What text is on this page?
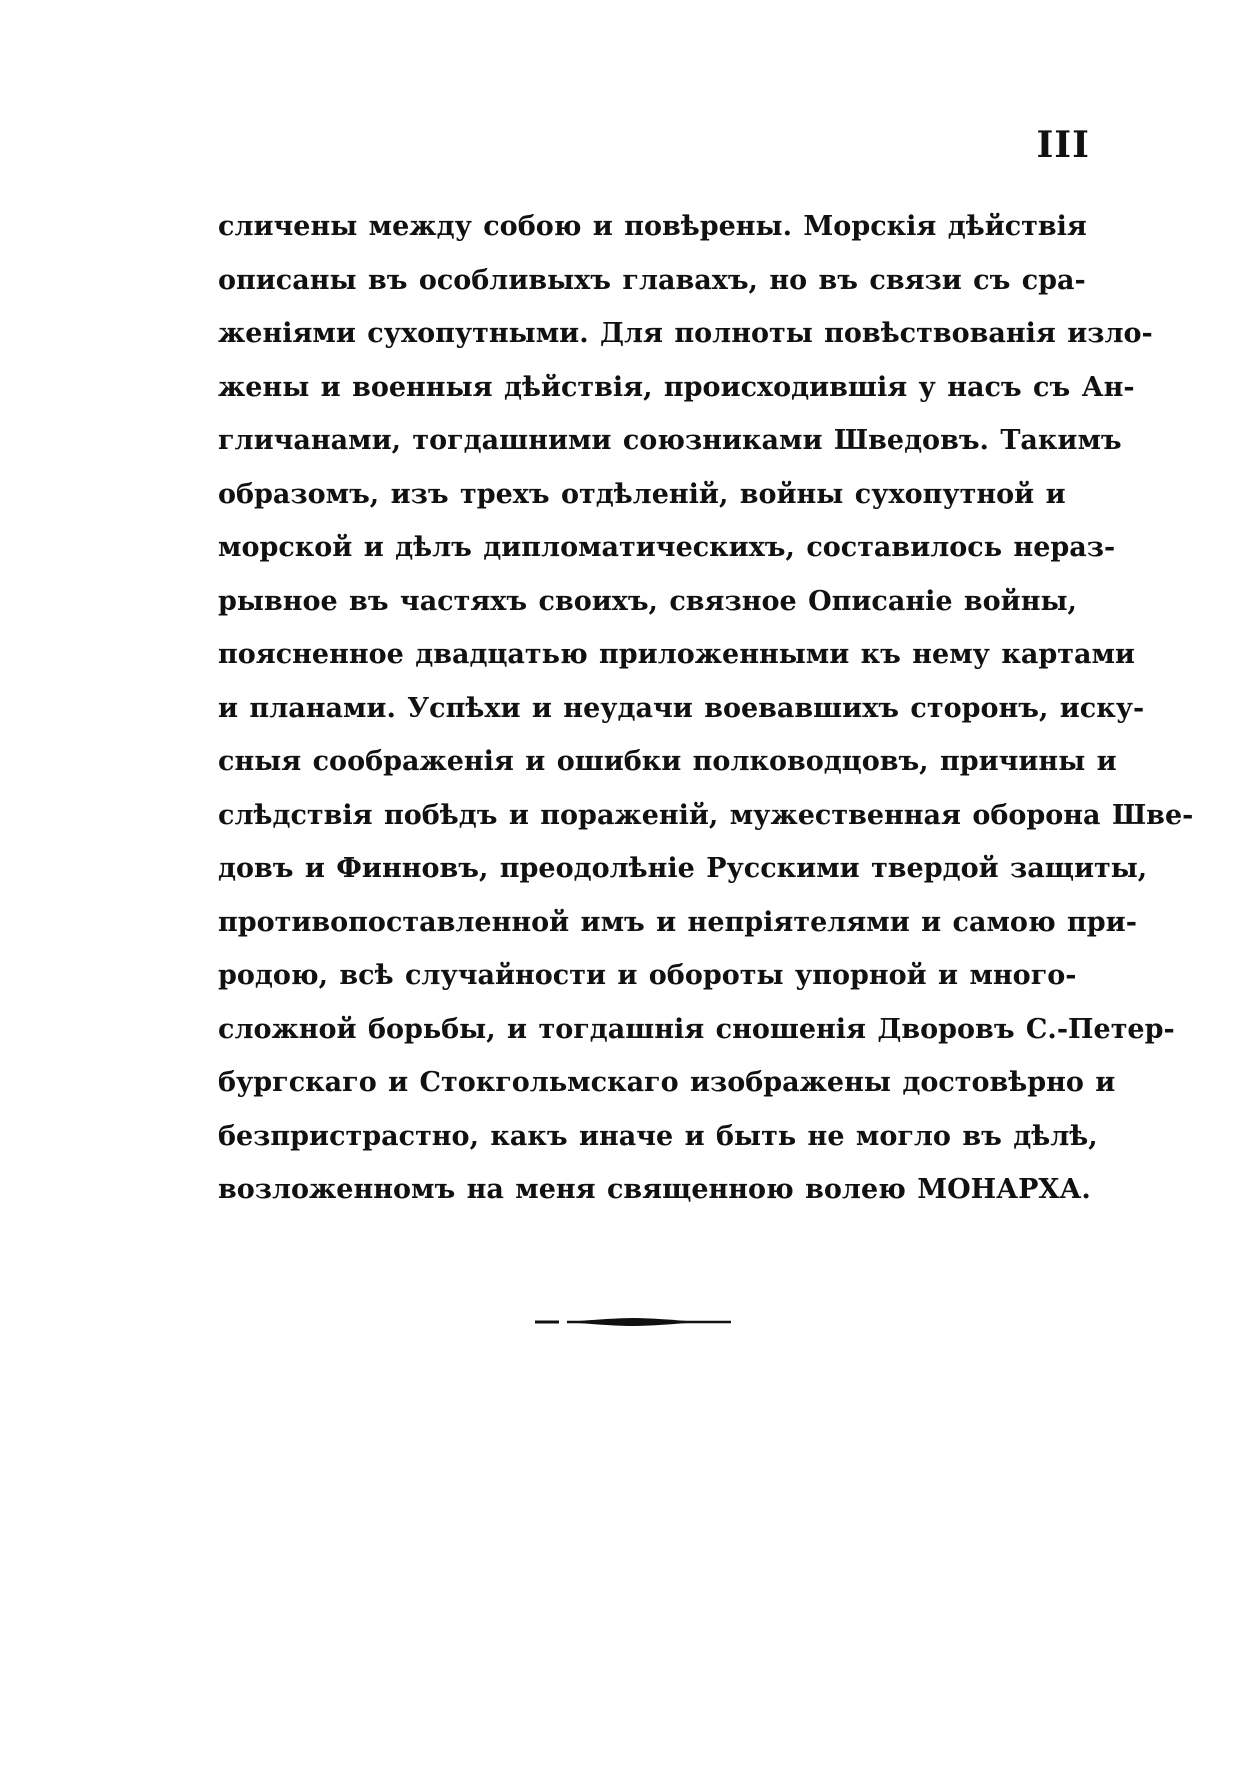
III
сличены между собою и повѣрены. Морскія дѣйствія
описаны въ особливыхъ главахъ, но въ связи съ сра-
женіями сухопутными. Для полноты повѣствованія изло-
жены и военныя дѣйствія, происходившія у насъ съ Ан-
гличанами, тогдашними союзниками Шведовъ. Такимъ
образомъ, изъ трехъ отдѣленій, войны сухопутной и
морской и дѣлъ дипломатическихъ, составилось нераз-
рывное въ частяхъ своихъ, связное Описаніе войны,
поясненное двадцатью приложенными къ нему картами
и планами. Успѣхи и неудачи воевавшихъ сторонъ, иску-
сныя соображенія и ошибки полководцовъ, причины и
слѣдствія побѣдъ и пораженій, мужественная оборона Шве-
довъ и Финновъ, преодолѣніе Русскими твердой защиты,
противопоставленной имъ и непріятелями и самою при-
родою, всѣ случайности и обороты упорной и много-
сложной борьбы, и тогдашнія сношенія Дворовъ С.-Петер-
бургскаго и Стокгольмскаго изображены достовѣрно и
безпристрастно, какъ иначе и быть не могло въ дѣлѣ,
возложенномъ на меня священною волею МОНАРХА.
